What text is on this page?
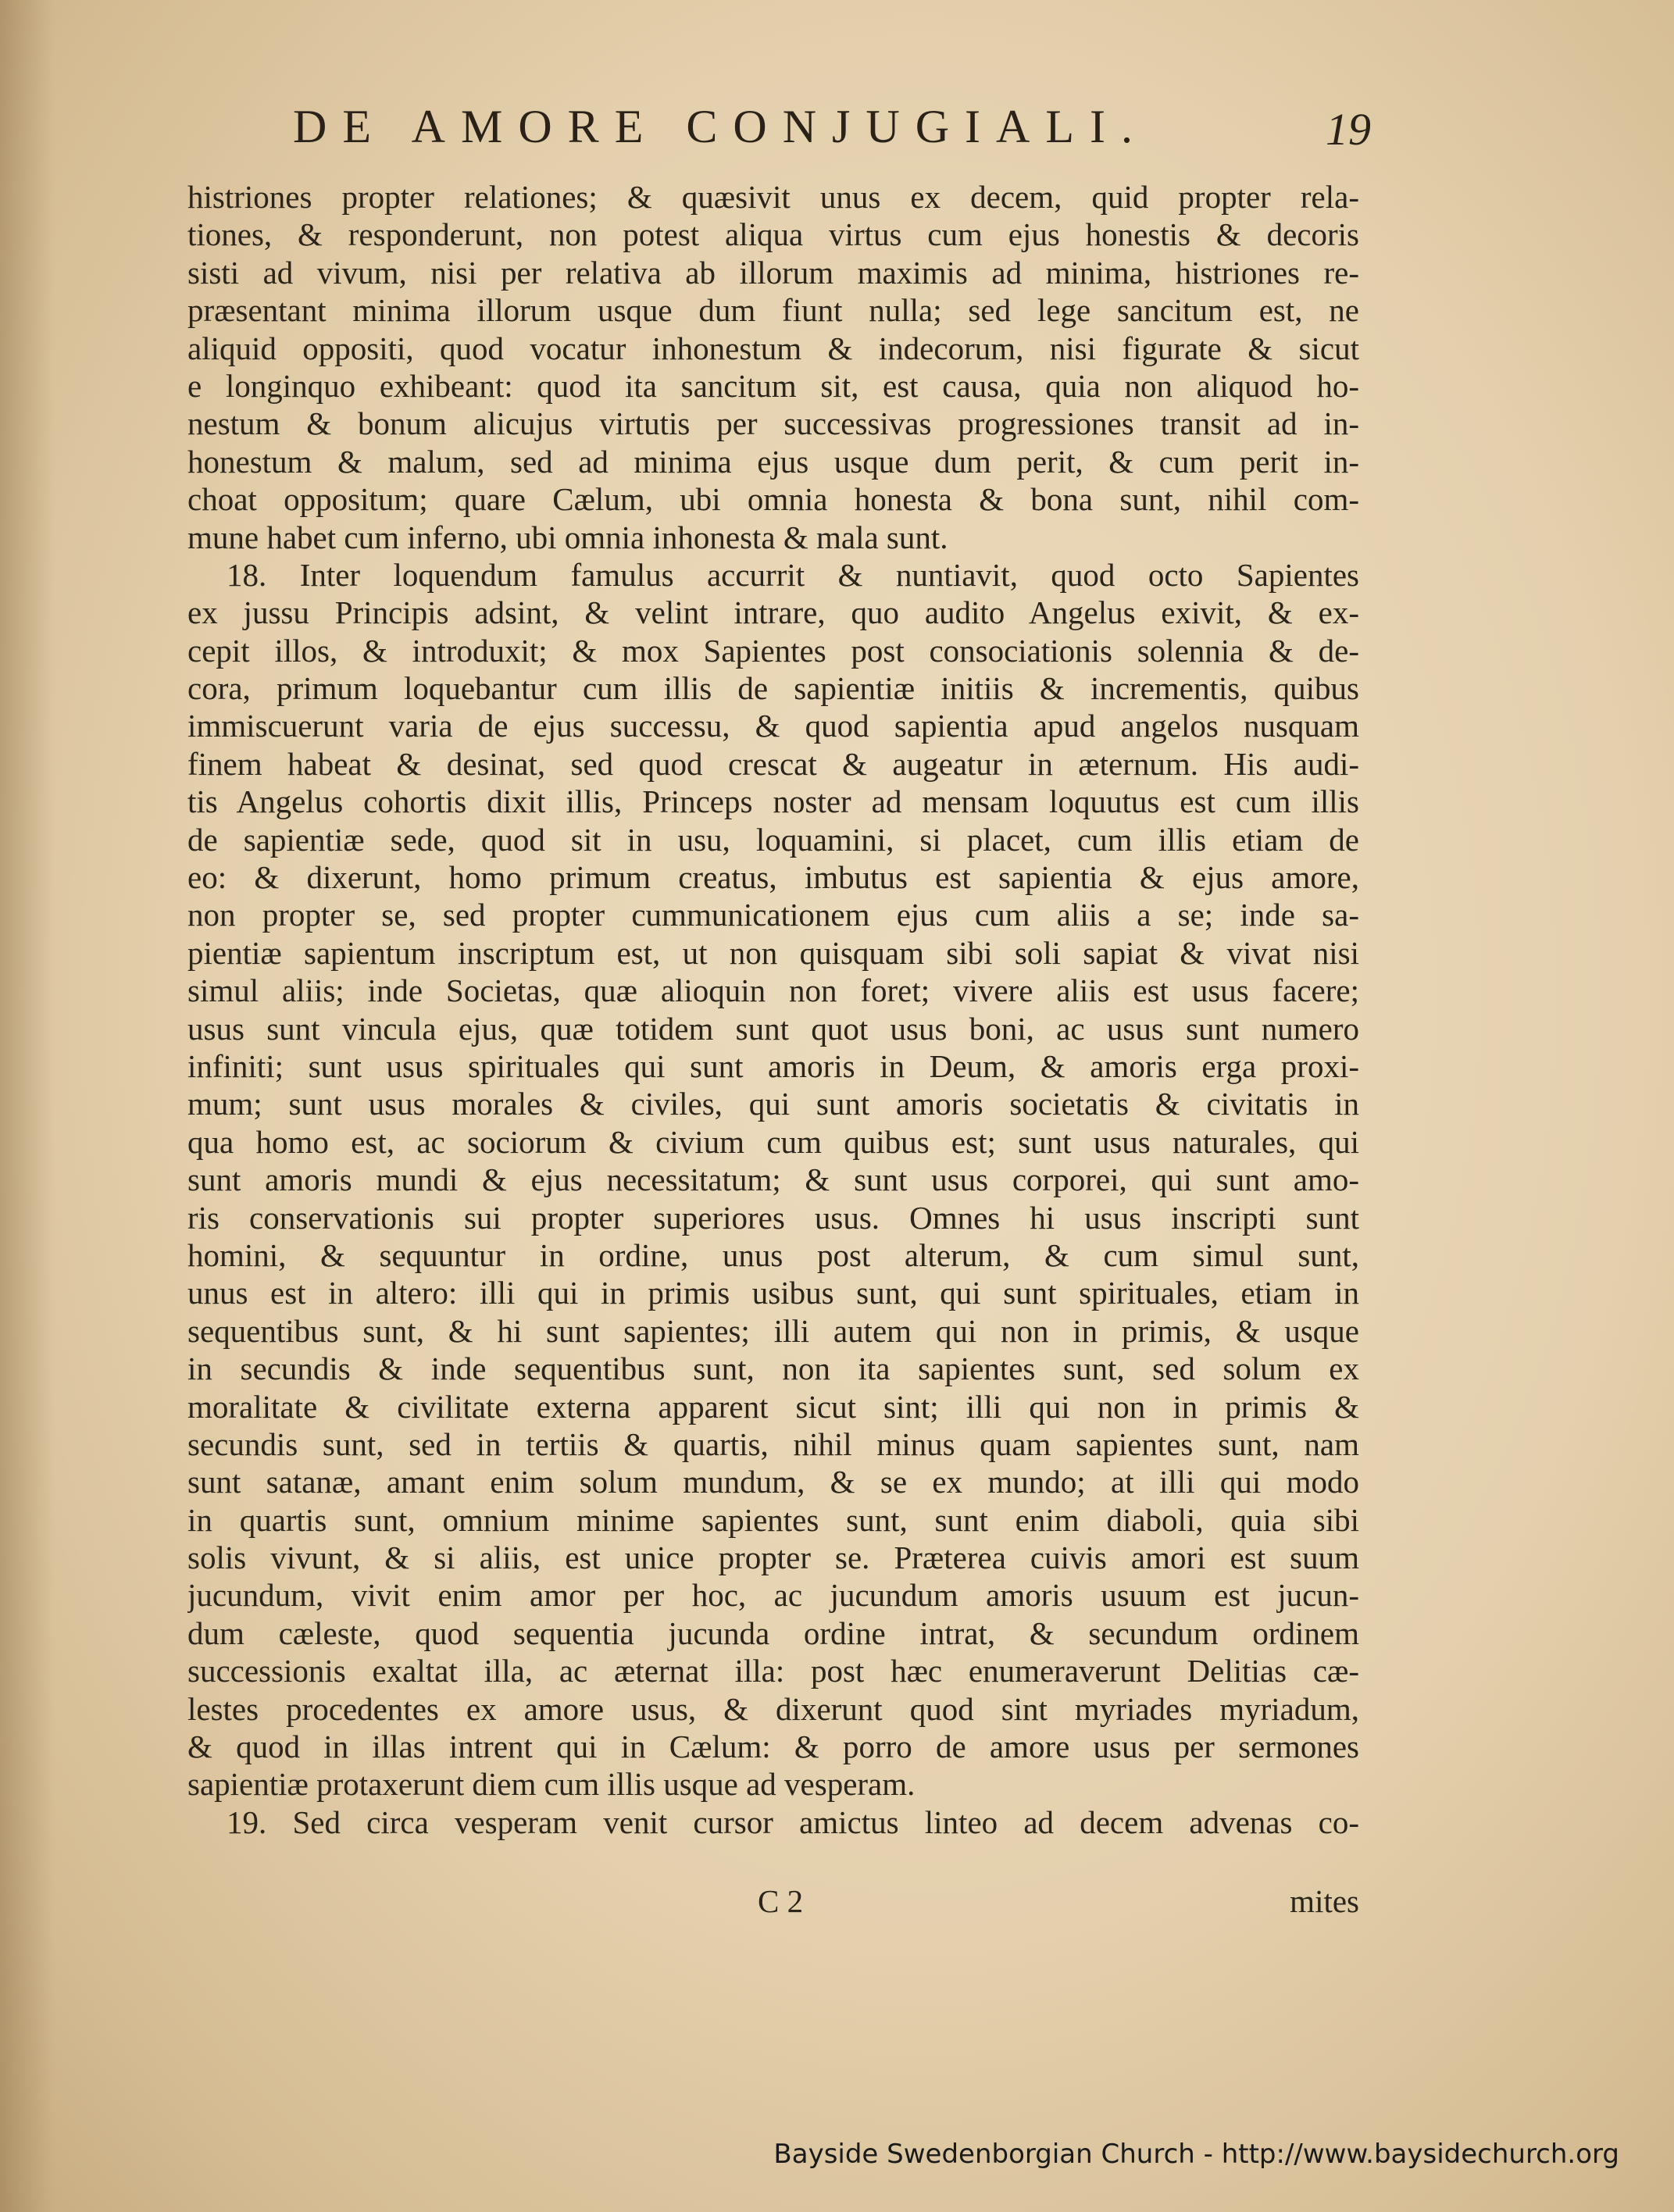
DE AMORE CONJUGIALI.	19
histriones propter relationes; & quæsivit unus ex decem, quid propter rela-
tiones, & responderunt, non potest aliqua virtus cum ejus honestis & decoris
sisti ad vivum, nisi per relativa ab illorum maximis ad minima, histriones re-
præsentant minima illorum usque dum fiunt nulla; sed lege sancitum est, ne
aliquid oppositi, quod vocatur inhonestum & indecorum, nisi figurate & sicut
e longinquo exhibeant: quod ita sancitum sit, est causa, quia non aliquod ho-
nestum & bonum alicujus virtutis per successivas progressiones transit ad in-
honestum & malum, sed ad minima ejus usque dum perit, & cum perit in-
choat oppositum; quare Cælum, ubi omnia honesta & bona sunt, nihil com-
mune habet cum inferno, ubi omnia inhonesta & mala sunt.
18. Inter loquendum famulus accurrit & nuntiavit, quod octo Sapientes
ex jussu Principis adsint, & velint intrare, quo audito Angelus exivit, & ex-
cepit illos, & introduxit; & mox Sapientes post consociationis solennia & de-
cora, primum loquebantur cum illis de sapientiæ initiis & incrementis, quibus
immiscuerunt varia de ejus successu, & quod sapientia apud angelos nusquam
finem habeat & desinat, sed quod crescat & augeatur in æternum. His audi-
tis Angelus cohortis dixit illis, Princeps noster ad mensam loquutus est cum illis
de sapientiæ sede, quod sit in usu, loquamini, si placet, cum illis etiam de
eo: & dixerunt, homo primum creatus, imbutus est sapientia & ejus amore,
non propter se, sed propter cummunicationem ejus cum aliis a se; inde sa-
pientiæ sapientum inscriptum est, ut non quisquam sibi soli sapiat & vivat nisi
simul aliis; inde Societas, quæ alioquin non foret; vivere aliis est usus facere;
usus sunt vincula ejus, quæ totidem sunt quot usus boni, ac usus sunt numero
infiniti; sunt usus spirituales qui sunt amoris in Deum, & amoris erga proxi-
mum; sunt usus morales & civiles, qui sunt amoris societatis & civitatis in
qua homo est, ac sociorum & civium cum quibus est; sunt usus naturales, qui
sunt amoris mundi & ejus necessitatum; & sunt usus corporei, qui sunt amo-
ris conservationis sui propter superiores usus. Omnes hi usus inscripti sunt
homini, & sequuntur in ordine, unus post alterum, & cum simul sunt,
unus est in altero: illi qui in primis usibus sunt, qui sunt spirituales, etiam in
sequentibus sunt, & hi sunt sapientes; illi autem qui non in primis, & usque
in secundis & inde sequentibus sunt, non ita sapientes sunt, sed solum ex
moralitate & civilitate externa apparent sicut sint; illi qui non in primis &
secundis sunt, sed in tertiis & quartis, nihil minus quam sapientes sunt, nam
sunt satanæ, amant enim solum mundum, & se ex mundo; at illi qui modo
in quartis sunt, omnium minime sapientes sunt, sunt enim diaboli, quia sibi
solis vivunt, & si aliis, est unice propter se. Præterea cuivis amori est suum
jucundum, vivit enim amor per hoc, ac jucundum amoris usuum est jucun-
dum cæleste, quod sequentia jucunda ordine intrat, & secundum ordinem
successionis exaltat illa, ac æternat illa: post hæc enumeraverunt Delitias cæ-
lestes procedentes ex amore usus, & dixerunt quod sint myriades myriadum,
& quod in illas intrent qui in Cælum: & porro de amore usus per sermones
sapientiæ protaxerunt diem cum illis usque ad vesperam.
19. Sed circa vesperam venit cursor amictus linteo ad decem advenas co-
C 2	mites
Bayside Swedenborgian Church - http://www.baysidechurch.org
